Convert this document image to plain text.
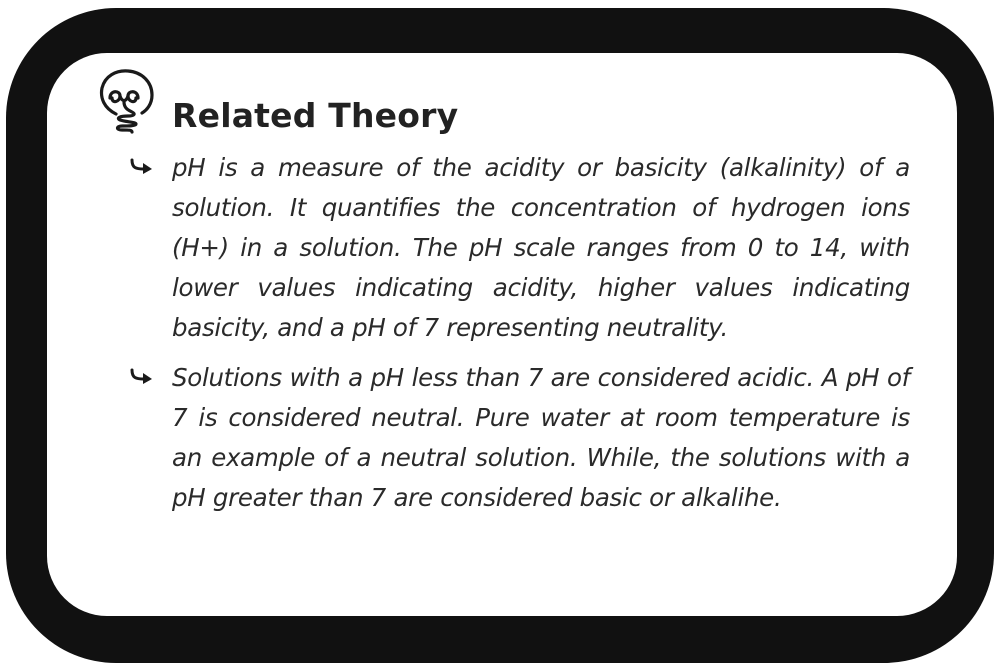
Related Theory
pH is a measure of the acidity or basicity (alkalinity) of a solution. It quantifies the concentration of hydrogen ions (H+) in a solution. The pH scale ranges from 0 to 14, with lower values indicating acidity, higher values indicating basicity, and a pH of 7 representing neutrality.
Solutions with a pH less than 7 are considered acidic. A pH of 7 is considered neutral. Pure water at room temperature is an example of a neutral solution. While, the solutions with a pH greater than 7 are considered basic or alkalihe.
